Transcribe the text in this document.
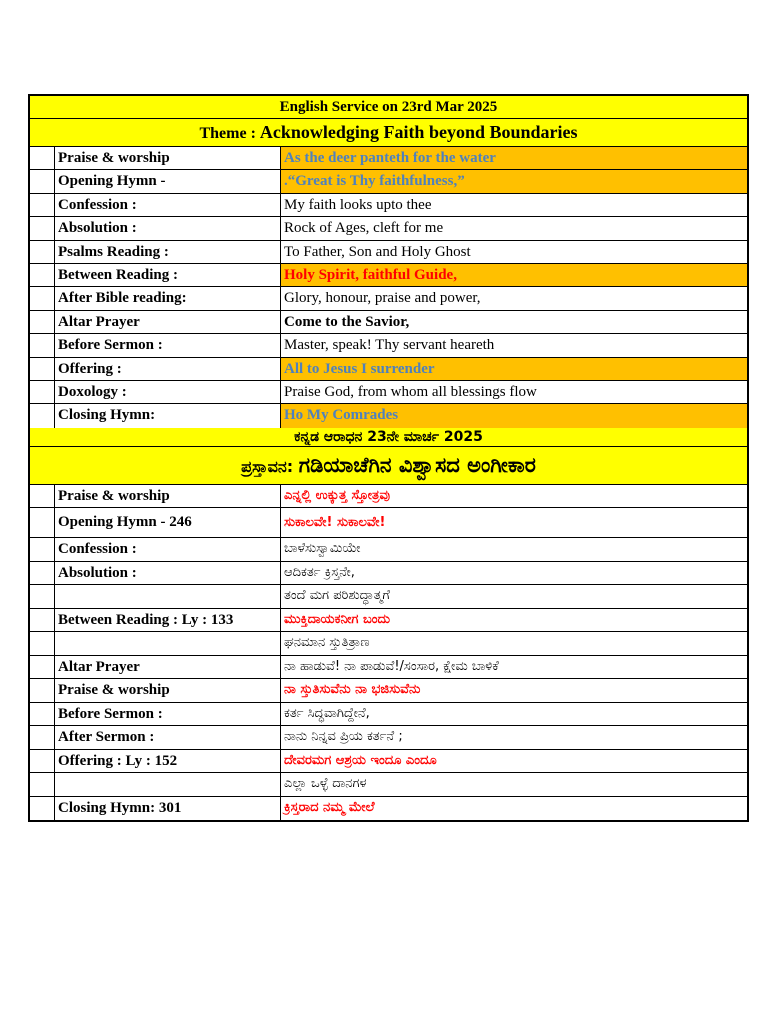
English Service on 23rd Mar 2025
Theme : Acknowledging Faith beyond Boundaries
Praise & worship	As the deer panteth for the water
Opening Hymn -	.“Great is Thy faithfulness,”
Confession :	My faith looks upto thee
Absolution :	Rock of Ages, cleft for me
Psalms Reading :	To Father, Son and Holy Ghost
Between Reading :	Holy Spirit, faithful Guide,
After Bible reading:	Glory, honour, praise and power,
Altar Prayer	Come to the Savior,
Before Sermon :	Master, speak! Thy servant heareth
Offering :	All to Jesus I surrender
Doxology :	Praise God, from whom all blessings flow
Closing Hymn:	Ho My Comrades
ಕನ್ನಡ ಆರಾಧನ 23ನೇ ಮಾರ್ಚ 2025
ಪ್ರಸ್ತಾವನ: ಗಡಿಯಾಚೆಗಿನ ವಿಶ್ವಾಸದ ಅಂಗೀಕಾರ
Praise & worship	ಎನ್ನಲ್ಲಿ ಉಕ್ಕುತ್ತ ಸ್ತೋತ್ರವು
Opening Hymn - 246	ಸುಕಾಲವೇ! ಸುಕಾಲವೇ!
Confession :	ಬಾಳೆಸುಸ್ವಾಮಿಯೇ
Absolution :	ಆದಿಕರ್ತ ಕ್ರಿಸ್ತನೇ,
ತಂದೆ ಮಗ ಪರಿಶುದ್ಧಾತ್ಮಗೆ
Between Reading : Ly : 133	ಮುಕ್ತಿದಾಯಕನೀಗ ಬಂದು
ಘನಮಾನ ಸ್ತುತಿತ್ರಾಣ
Altar Prayer	ನಾ ಹಾಡುವೆ! ನಾ ಪಾಡುವೆ!/ಸಂಸಾರ, ಕ್ಷೇಮ ಬಾಳಿಕೆ
Praise & worship	ನಾ ಸ್ತುತಿಸುವೆನು ನಾ ಭಜಿಸುವೆನು
Before Sermon :	ಕರ್ತ ಸಿದ್ಧವಾಗಿದ್ದೇನೆ,
After Sermon :	ನಾನು ನಿನ್ನವ ಪ್ರಿಯ ಕರ್ತನೆ ;
Offering : Ly : 152	ದೇವರಮಗ ಆಶ್ರಯ ಇಂದೂ ಎಂದೂ
ಎಲ್ಲಾ ಒಳ್ಳೆ ದಾನಗಳ
Closing Hymn: 301	ಕ್ರಿಸ್ತರಾದ ನಮ್ಮ ಮೇಲೆ
